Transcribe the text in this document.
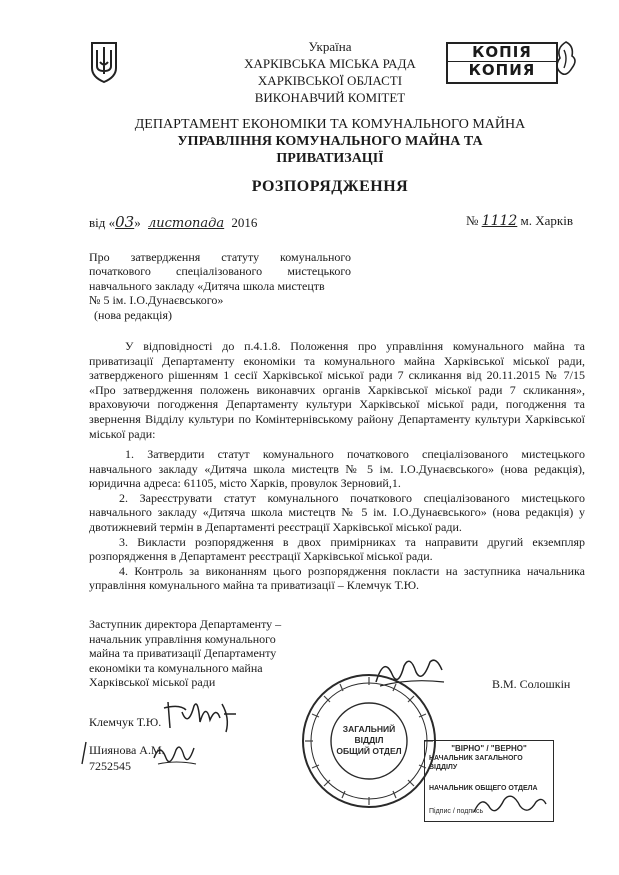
Україна
ХАРКІВСЬКА МІСЬКА РАДА
ХАРКІВСЬКОЇ ОБЛАСТІ
ВИКОНАВЧИЙ КОМІТЕТ
КОПІЯ
КОПИЯ
ДЕПАРТАМЕНТ ЕКОНОМІКИ ТА КОМУНАЛЬНОГО МАЙНА
УПРАВЛІННЯ КОМУНАЛЬНОГО МАЙНА ТА
ПРИВАТИЗАЦІЇ
РОЗПОРЯДЖЕННЯ
від «03» листопада 2016	№ 1112 м. Харків
Про затвердження статуту комунального
початкового спеціалізованого мистецького
навчального закладу «Дитяча школа мистецтв
№ 5 ім. І.О.Дунаєвського»
(нова редакція)
У відповідності до п.4.1.8. Положення про управління комунального майна та приватизації Департаменту економіки та комунального майна Харківської міської ради, затвердженого рішенням 1 сесії Харківської міської ради 7 скликання від 20.11.2015 № 7/15 «Про затвердження положень виконавчих органів Харківської міської ради 7 скликання», враховуючи погодження Департаменту культури Харківської міської ради, погодження та звернення Відділу культури по Комінтернівському району Департаменту культури Харківської міської ради:
1. Затвердити статут комунального початкового спеціалізованого мистецького навчального закладу «Дитяча школа мистецтв № 5 ім. І.О.Дунаєвського» (нова редакція), юридична адреса: 61105, місто Харків, провулок Зерновий,1.
2. Зареєструвати статут комунального початкового спеціалізованого мистецького навчального закладу «Дитяча школа мистецтв № 5 ім. І.О.Дунаєвського» (нова редакція) у двотижневий термін в Департаменті реєстрації Харківської міської ради.
3. Викласти розпорядження в двох примірниках та направити другий екземпляр розпорядження в Департамент реєстрації Харківської міської ради.
4. Контроль за виконанням цього розпорядження покласти на заступника начальника управління комунального майна та приватизації – Клемчук Т.Ю.
Заступник директора Департаменту –
начальник управління комунального
майна та приватизації Департаменту
економіки та комунального майна
Харківської міської ради	В.М. Солошкін
ЗАГАЛЬНИЙ
ВІДДІЛ
ОБЩИЙ ОТДЕЛ	"ВІРНО" / "ВЕРНО"
НАЧАЛЬНИК ЗАГАЛЬНОГО ВІДДІЛУ
НАЧАЛЬНИК ОБЩЕГО ОТДЕЛА
Підпис / подпись
Клемчук Т.Ю.
Шиянова А.М.
7252545
